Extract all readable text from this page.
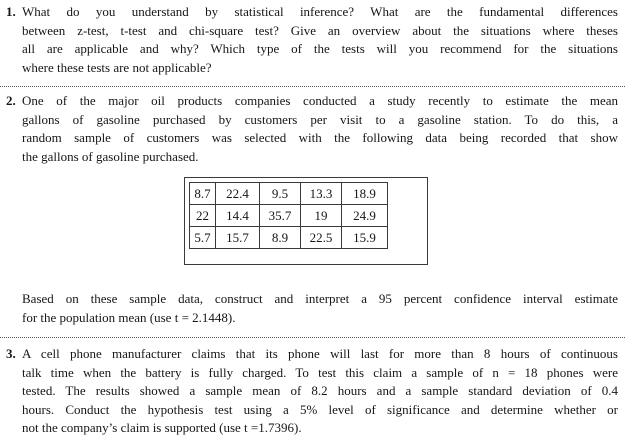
1. What do you understand by statistical inference? What are the fundamental differences
between z-test, t-test and chi-square test? Give an overview about the situations where theses
all are applicable and why? Which type of the tests will you recommend for the situations
where these tests are not applicable?
2. One of the major oil products companies conducted a study recently to estimate the mean
gallons of gasoline purchased by customers per visit to a gasoline station. To do this, a
random sample of customers was selected with the following data being recorded that show
the gallons of gasoline purchased.
8.7	22.4	9.5	13.3	18.9
22	14.4	35.7	19	24.9
5.7	15.7	8.9	22.5	15.9
Based on these sample data, construct and interpret a 95 percent confidence interval estimate
for the population mean (use t = 2.1448).
3. A cell phone manufacturer claims that its phone will last for more than 8 hours of continuous
talk time when the battery is fully charged. To test this claim a sample of n = 18 phones were
tested. The results showed a sample mean of 8.2 hours and a sample standard deviation of 0.4
hours. Conduct the hypothesis test using a 5% level of significance and determine whether or
not the company’s claim is supported (use t =1.7396).
